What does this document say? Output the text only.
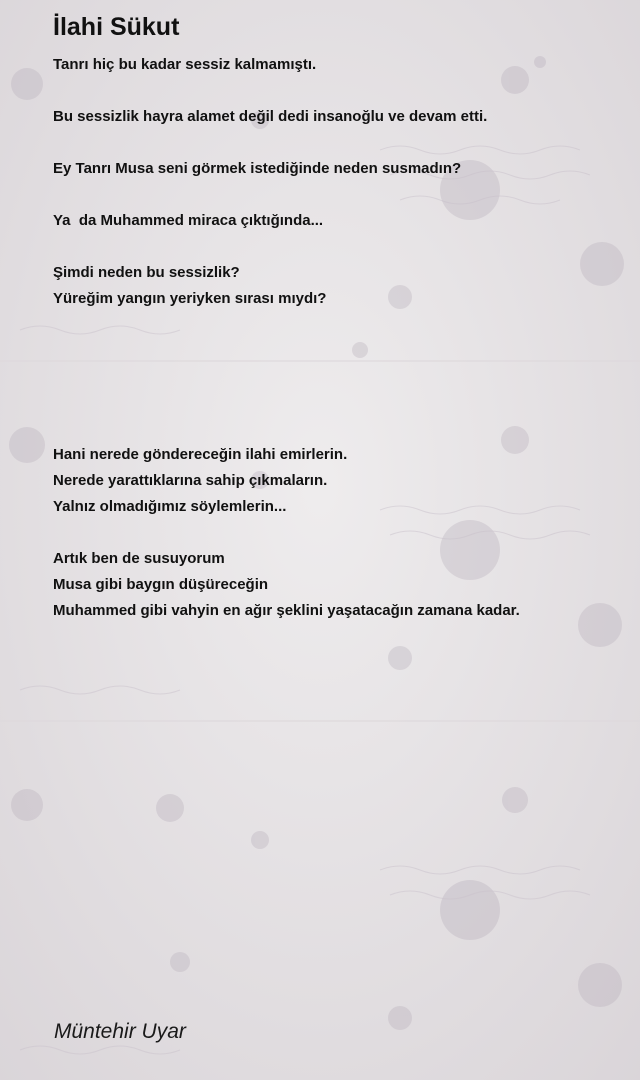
İlahi Sükut
Tanrı hiç bu kadar sessiz kalmamıştı.
Bu sessizlik hayra alamet değil dedi insanoğlu ve devam etti.
Ey Tanrı Musa seni görmek istediğinde neden susmadın?
Ya  da Muhammed miraca çıktığında...
Şimdi neden bu sessizlik?
Yüreğim yangın yeriyken sırası mıydı?
Hani nerede göndereceğin ilahi emirlerin.
Nerede yarattıklarına sahip çıkmaların.
Yalnız olmadığımız söylemlerin...
Artık ben de susuyorum
Musa gibi baygın düşüreceğin
Muhammed gibi vahyin en ağır şeklini yaşatacağın zamana kadar.
Müntehir Uyar
